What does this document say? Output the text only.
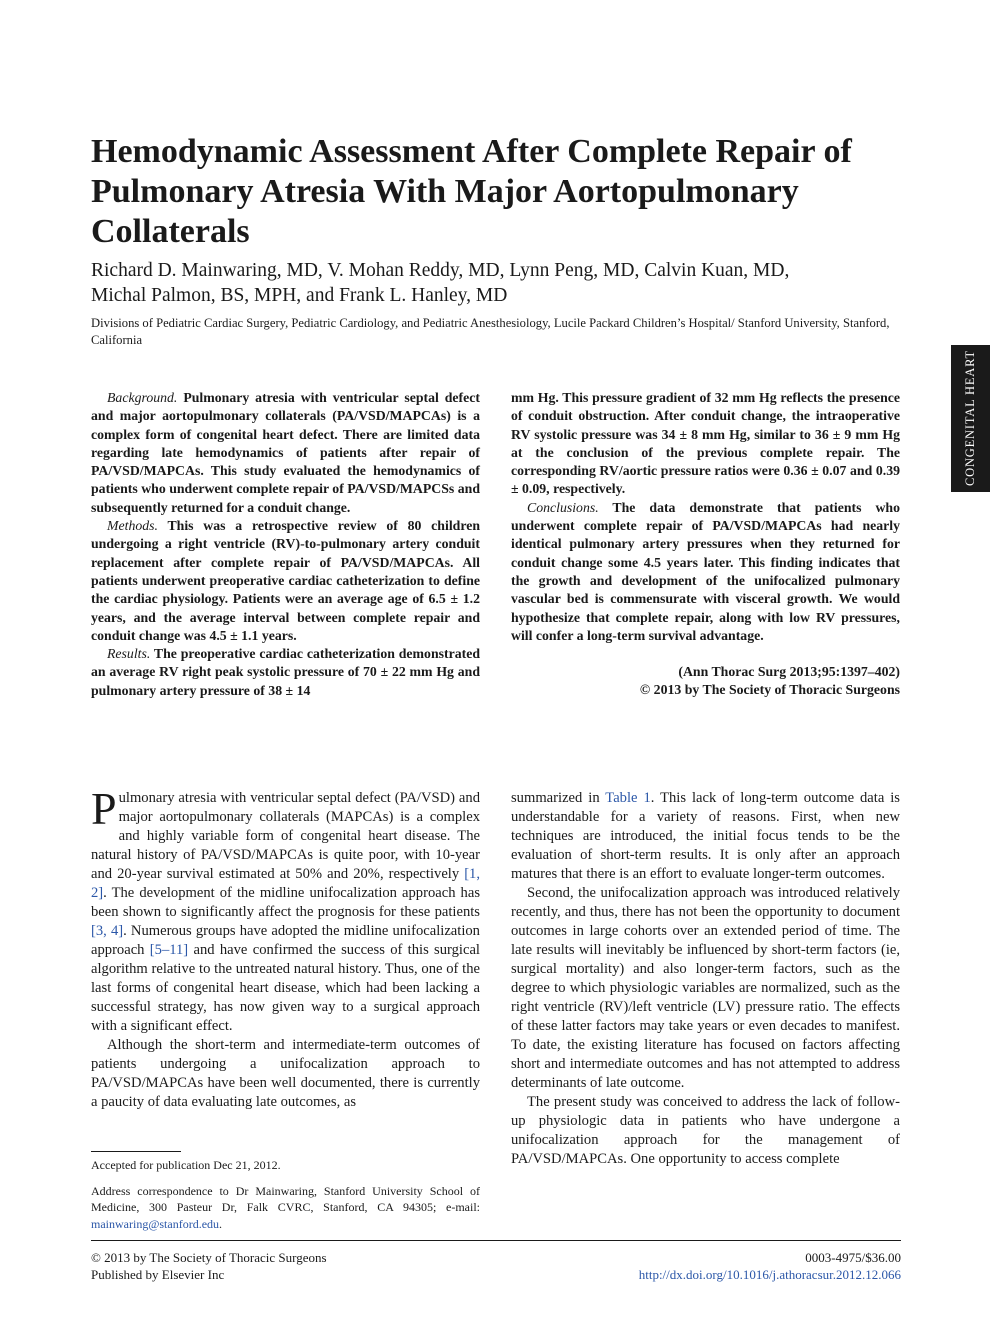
Hemodynamic Assessment After Complete Repair of Pulmonary Atresia With Major Aortopulmonary Collaterals
Richard D. Mainwaring, MD, V. Mohan Reddy, MD, Lynn Peng, MD, Calvin Kuan, MD,
Michal Palmon, BS, MPH, and Frank L. Hanley, MD
Divisions of Pediatric Cardiac Surgery, Pediatric Cardiology, and Pediatric Anesthesiology, Lucile Packard Children’s Hospital/ Stanford University, Stanford, California
CONGENITAL HEART

Background. Pulmonary atresia with ventricular septal defect and major aortopulmonary collaterals (PA/VSD/MAPCAs) is a complex form of congenital heart defect. There are limited data regarding late hemodynamics of patients after repair of PA/VSD/MAPCAs. This study evaluated the hemodynamics of patients who underwent complete repair of PA/VSD/MAPCSs and subsequently returned for a conduit change.

Methods. This was a retrospective review of 80 children undergoing a right ventricle (RV)-to-pulmonary artery conduit replacement after complete repair of PA/VSD/MAPCAs. All patients underwent preoperative cardiac catheterization to define the cardiac physiology. Patients were an average age of 6.5 ± 1.2 years, and the average interval between complete repair and conduit change was 4.5 ± 1.1 years.

Results. The preoperative cardiac catheterization demonstrated an average RV right peak systolic pressure of 70 ± 22 mm Hg and pulmonary artery pressure of 38 ± 14

mm Hg. This pressure gradient of 32 mm Hg reflects the presence of conduit obstruction. After conduit change, the intraoperative RV systolic pressure was 34 ± 8 mm Hg, similar to 36 ± 9 mm Hg at the conclusion of the previous complete repair. The corresponding RV/aortic pressure ratios were 0.36 ± 0.07 and 0.39 ± 0.09, respectively.

Conclusions. The data demonstrate that patients who underwent complete repair of PA/VSD/MAPCAs had nearly identical pulmonary artery pressures when they returned for conduit change some 4.5 years later. This finding indicates that the growth and development of the unifocalized pulmonary vascular bed is commensurate with visceral growth. We would hypothesize that complete repair, along with low RV pressures, will confer a long-term survival advantage.

(Ann Thorac Surg 2013;95:1397–402)

© 2013 by The Society of Thoracic Surgeons

Pulmonary atresia with ventricular septal defect (PA/VSD) and major aortopulmonary collaterals (MAPCAs) is a complex and highly variable form of congenital heart disease. The natural history of PA/VSD/MAPCAs is quite poor, with 10-year and 20-year survival estimated at 50% and 20%, respectively [1, 2]. The development of the midline unifocalization approach has been shown to significantly affect the prognosis for these patients [3, 4]. Numerous groups have adopted the midline unifocalization approach [5–11] and have confirmed the success of this surgical algorithm relative to the untreated natural history. Thus, one of the last forms of congenital heart disease, which had been lacking a successful strategy, has now given way to a surgical approach with a significant effect.

Although the short-term and intermediate-term outcomes of patients undergoing a unifocalization approach to PA/VSD/MAPCAs have been well documented, there is currently a paucity of data evaluating late outcomes, as

summarized in Table 1. This lack of long-term outcome data is understandable for a variety of reasons. First, when new techniques are introduced, the initial focus tends to be the evaluation of short-term results. It is only after an approach matures that there is an effort to evaluate longer-term outcomes.

Second, the unifocalization approach was introduced relatively recently, and thus, there has not been the opportunity to document outcomes in large cohorts over an extended period of time. The late results will inevitably be influenced by short-term factors (ie, surgical mortality) and also longer-term factors, such as the degree to which physiologic variables are normalized, such as the right ventricle (RV)/left ventricle (LV) pressure ratio. The effects of these latter factors may take years or even decades to manifest. To date, the existing literature has focused on factors affecting short and intermediate outcomes and has not attempted to address determinants of late outcome.

The present study was conceived to address the lack of follow-up physiologic data in patients who have undergone a unifocalization approach for the management of PA/VSD/MAPCAs. One opportunity to access complete

Accepted for publication Dec 21, 2012.

Address correspondence to Dr Mainwaring, Stanford University School of Medicine, 300 Pasteur Dr, Falk CVRC, Stanford, CA 94305; e-mail: mainwaring@stanford.edu.

© 2013 by The Society of Thoracic Surgeons
Published by Elsevier Inc
0003-4975/$36.00
http://dx.doi.org/10.1016/j.athoracsur.2012.12.066
